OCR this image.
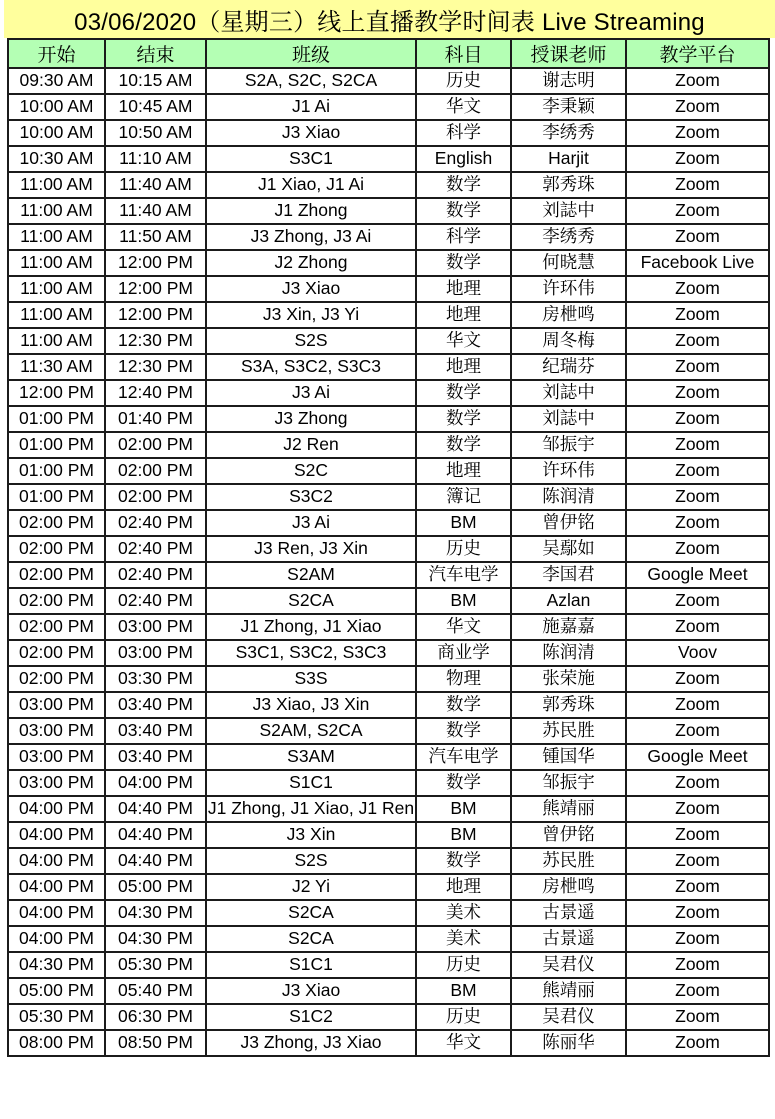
03/06/2020（星期三）线上直播教学时间表 Live Streaming
开始	结束	班级	科目	授课老师	教学平台
09:30 AM	10:15 AM	S2A, S2C, S2CA	历史	谢志明	Zoom
10:00 AM	10:45 AM	J1 Ai	华文	李秉颖	Zoom
10:00 AM	10:50 AM	J3 Xiao	科学	李绣秀	Zoom
10:30 AM	11:10 AM	S3C1	English	Harjit	Zoom
11:00 AM	11:40 AM	J1 Xiao, J1 Ai	数学	郭秀珠	Zoom
11:00 AM	11:40 AM	J1 Zhong	数学	刘誌中	Zoom
11:00 AM	11:50 AM	J3 Zhong, J3 Ai	科学	李绣秀	Zoom
11:00 AM	12:00 PM	J2 Zhong	数学	何晓慧	Facebook Live
11:00 AM	12:00 PM	J3 Xiao	地理	许环伟	Zoom
11:00 AM	12:00 PM	J3 Xin, J3 Yi	地理	房枻鸣	Zoom
11:00 AM	12:30 PM	S2S	华文	周冬梅	Zoom
11:30 AM	12:30 PM	S3A, S3C2, S3C3	地理	纪瑞芬	Zoom
12:00 PM	12:40 PM	J3 Ai	数学	刘誌中	Zoom
01:00 PM	01:40 PM	J3 Zhong	数学	刘誌中	Zoom
01:00 PM	02:00 PM	J2 Ren	数学	邹振宇	Zoom
01:00 PM	02:00 PM	S2C	地理	许环伟	Zoom
01:00 PM	02:00 PM	S3C2	簿记	陈润清	Zoom
02:00 PM	02:40 PM	J3 Ai	BM	曾伊铭	Zoom
02:00 PM	02:40 PM	J3 Ren, J3 Xin	历史	吴鄢如	Zoom
02:00 PM	02:40 PM	S2AM	汽车电学	李国君	Google Meet
02:00 PM	02:40 PM	S2CA	BM	Azlan	Zoom
02:00 PM	03:00 PM	J1 Zhong, J1 Xiao	华文	施嘉嘉	Zoom
02:00 PM	03:00 PM	S3C1, S3C2, S3C3	商业学	陈润清	Voov
02:00 PM	03:30 PM	S3S	物理	张荣施	Zoom
03:00 PM	03:40 PM	J3 Xiao, J3 Xin	数学	郭秀珠	Zoom
03:00 PM	03:40 PM	S2AM, S2CA	数学	苏民胜	Zoom
03:00 PM	03:40 PM	S3AM	汽车电学	锺国华	Google Meet
03:00 PM	04:00 PM	S1C1	数学	邹振宇	Zoom
04:00 PM	04:40 PM	J1 Zhong, J1 Xiao, J1 Ren	BM	熊靖丽	Zoom
04:00 PM	04:40 PM	J3 Xin	BM	曾伊铭	Zoom
04:00 PM	04:40 PM	S2S	数学	苏民胜	Zoom
04:00 PM	05:00 PM	J2 Yi	地理	房枻鸣	Zoom
04:00 PM	04:30 PM	S2CA	美术	古景遥	Zoom
04:00 PM	04:30 PM	S2CA	美术	古景遥	Zoom
04:30 PM	05:30 PM	S1C1	历史	吴君仪	Zoom
05:00 PM	05:40 PM	J3 Xiao	BM	熊靖丽	Zoom
05:30 PM	06:30 PM	S1C2	历史	吴君仪	Zoom
08:00 PM	08:50 PM	J3 Zhong, J3 Xiao	华文	陈丽华	Zoom
